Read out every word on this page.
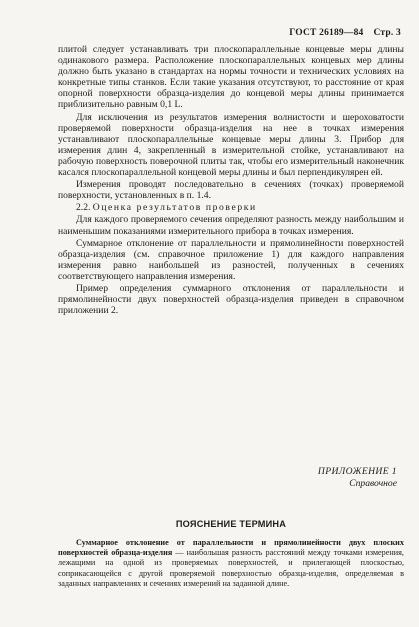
ГОСТ 26189—84 Стр. 3

плитой следует устанавливать три плоскопараллельные концевые меры длины одинакового размера. Расположение плоскопараллельных концевых мер длины должно быть указано в стандартах на нормы точности и технических условиях на конкретные типы станков. Если такие указания отсутствуют, то расстояние от края опорной поверхности образца-изделия до концевой меры длины принимается приблизительно равным 0,1 L.

Для исключения из результатов измерения волнистости и шероховатости проверяемой поверхности образца-изделия на нее в точках измерения устанавливают плоскопараллельные концевые меры длины 3. Прибор для измерения длин 4, закрепленный в измерительной стойке, устанавливают на рабочую поверхность поверочной плиты так, чтобы его измерительный наконечник касался плоскопараллельной концевой меры длины и был перпендикулярен ей.

Измерения проводят последовательно в сечениях (точках) проверяемой поверхности, установленных в п. 1.4.

2.2. Оценка результатов проверки

Для каждого проверяемого сечения определяют разность между наибольшим и наименьшим показаниями измерительного прибора в точках измерения.

Суммарное отклонение от параллельности и прямолинейности поверхностей образца-изделия (см. справочное приложение 1) для каждого направления измерения равно наибольшей из разностей, полученных в сечениях соответствующего направления измерения.

Пример определения суммарного отклонения от параллельности и прямолинейности двух поверхностей образца-изделия приведен в справочном приложении 2.

ПРИЛОЖЕНИЕ 1
Справочное
ПОЯСНЕНИЕ ТЕРМИНА

Суммарное отклонение от параллельности и прямолинейности двух плоских поверхностей образца-изделия — наибольшая разность расстояний между точками измерения, лежащими на одной из проверяемых поверхностей, и прилегающей плоскостью, соприкасающейся с другой проверяемой поверхностью образца-изделия, определяемая в заданных направлениях и сечениях измерений на заданной длине.
